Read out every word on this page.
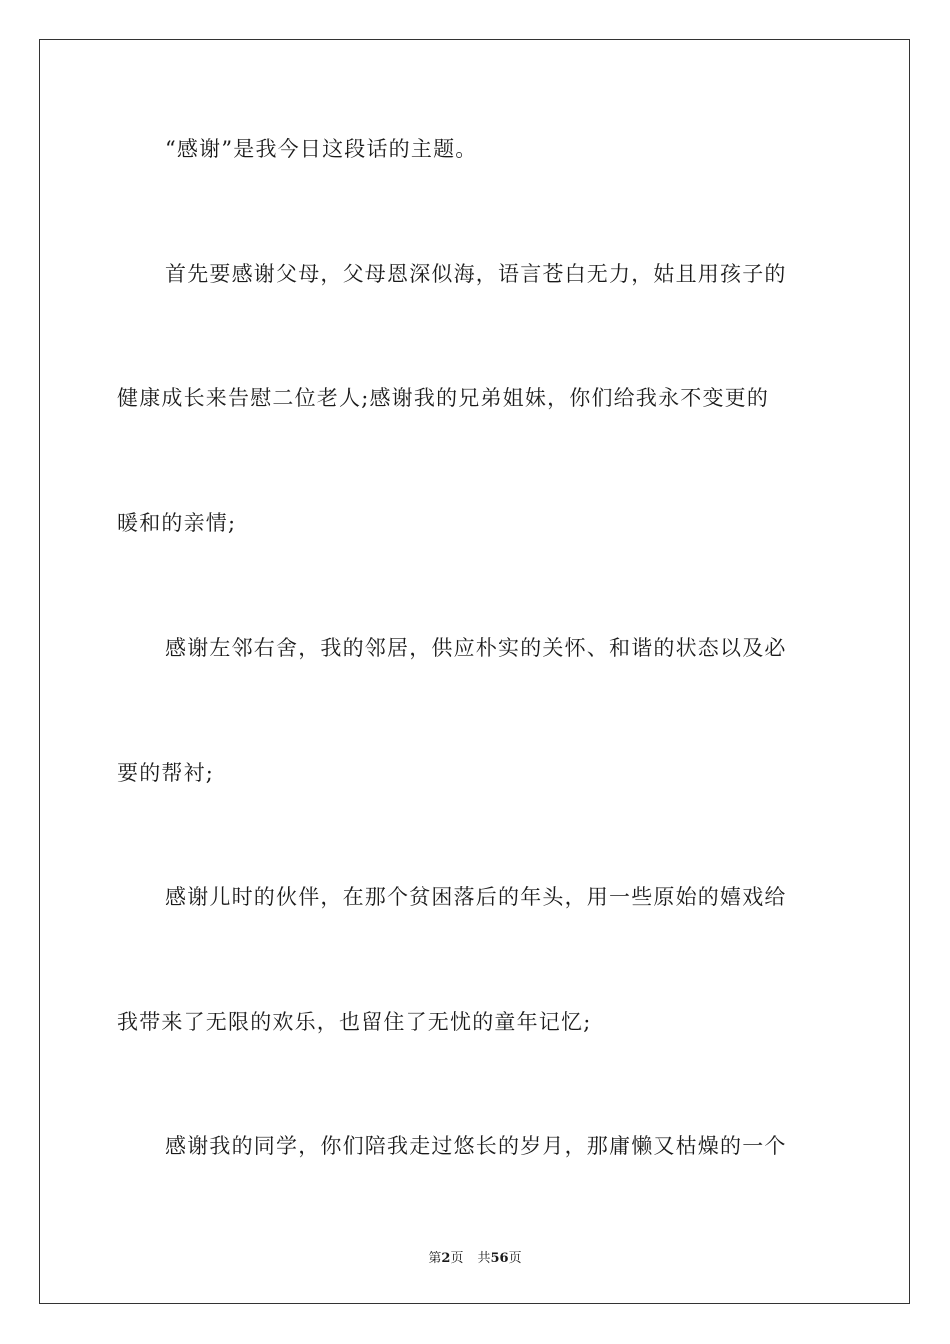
“感谢”是我今日这段话的主题。
首先要感谢父母，父母恩深似海，语言苍白无力，姑且用孩子的
健康成长来告慰二位老人;感谢我的兄弟姐妹，你们给我永不变更的
暖和的亲情;
感谢左邻右舍，我的邻居，供应朴实的关怀、和谐的状态以及必
要的帮衬;
感谢儿时的伙伴，在那个贫困落后的年头，用一些原始的嬉戏给
我带来了无限的欢乐，也留住了无忧的童年记忆;
感谢我的同学，你们陪我走过悠长的岁月，那庸懒又枯燥的一个
第2页 共56页
